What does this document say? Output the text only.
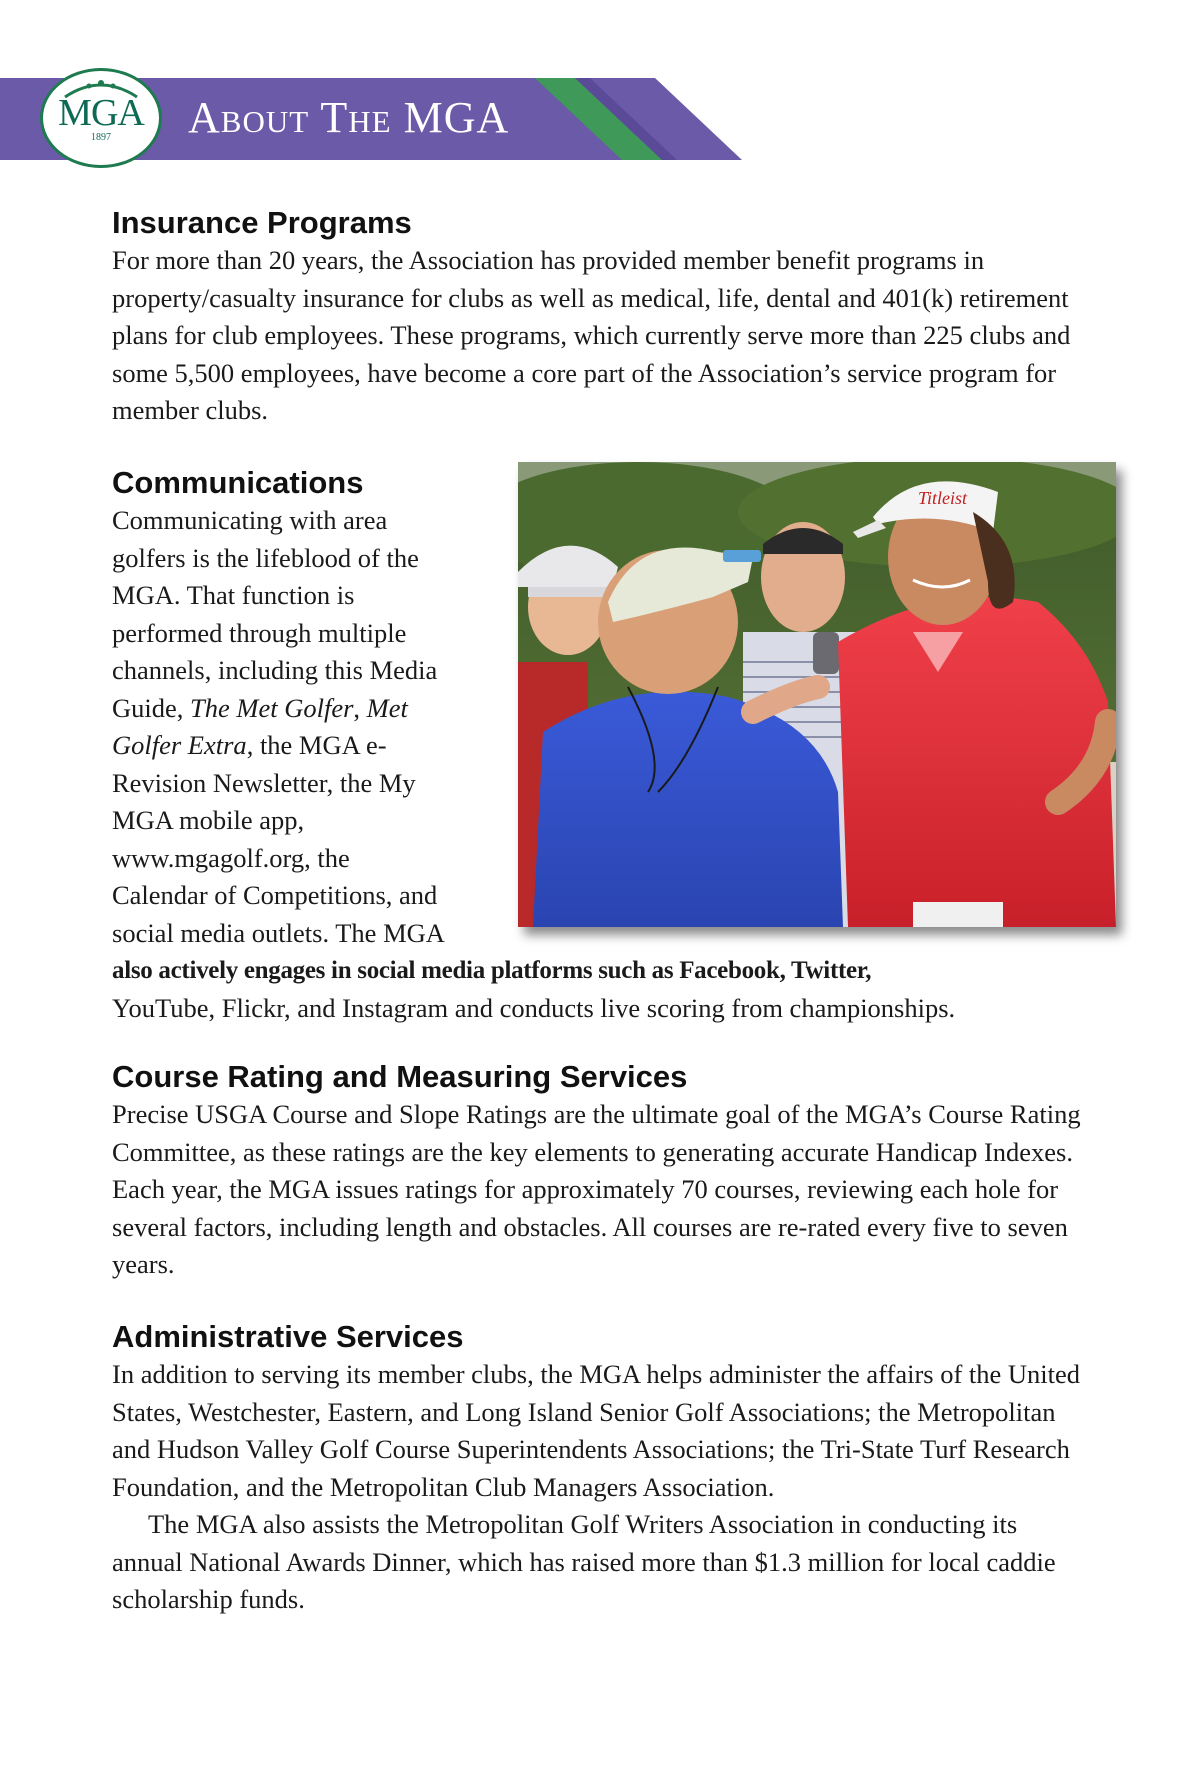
About The MGA
MGA
1897
Insurance Programs

For more than 20 years, the Association has provided member benefit programs in property/casualty insurance for clubs as well as medical, life, dental and 401(k) retirement plans for club employees. These programs, which currently serve more than 225 clubs and some 5,500 employees, have become a core part of the Association’s service program for member clubs.

Communications

Communicating with area

golfers is the lifeblood of the

MGA. That function is

performed through multiple

channels, including this Media

Guide, The Met Golfer, Met

Golfer Extra, the MGA e-

Revision Newsletter, the My

MGA mobile app,

www.mgagolf.org, the

Calendar of Competitions, and

social media outlets. The MGA

also actively engages in social media platforms such as Facebook, Twitter,

YouTube, Flickr, and Instagram and conducts live scoring from championships.

Titleist
Course Rating and Measuring Services

Precise USGA Course and Slope Ratings are the ultimate goal of the MGA’s Course Rating Committee, as these ratings are the key elements to generating accurate Handicap Indexes. Each year, the MGA issues ratings for approximately 70 courses, reviewing each hole for several factors, including length and obstacles. All courses are re-rated every five to seven years.

Administrative Services

In addition to serving its member clubs, the MGA helps administer the affairs of the United States, Westchester, Eastern, and Long Island Senior Golf Associations; the Metropolitan and Hudson Valley Golf Course Superintendents Associations; the Tri-State Turf Research Foundation, and the Metropolitan Club Managers Association.

The MGA also assists the Metropolitan Golf Writers Association in conducting its annual National Awards Dinner, which has raised more than $1.3 million for local caddie scholarship funds.
